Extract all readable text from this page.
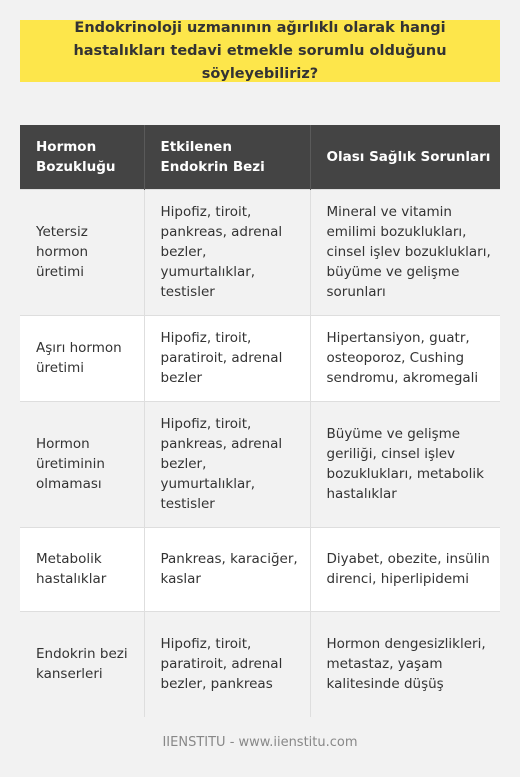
Endokrinoloji uzmanının ağırlıklı olarak hangi hastalıkları tedavi etmekle sorumlu olduğunu söyleyebiliriz?
Hormon Bozukluğu	Etkilenen Endokrin Bezi	Olası Sağlık Sorunları
Yetersiz hormon üretimi	Hipofiz, tiroit, pankreas, adrenal bezler, yumurtalıklar, testisler	Mineral ve vitamin emilimi bozuklukları, cinsel işlev bozuklukları, büyüme ve gelişme sorunları
Aşırı hormon üretimi	Hipofiz, tiroit, paratiroit, adrenal bezler	Hipertansiyon, guatr, osteoporoz, Cushing sendromu, akromegali
Hormon üretiminin olmaması	Hipofiz, tiroit, pankreas, adrenal bezler, yumurtalıklar, testisler	Büyüme ve gelişme geriliği, cinsel işlev bozuklukları, metabolik hastalıklar
Metabolik hastalıklar	Pankreas, karaciğer, kaslar	Diyabet, obezite, insülin direnci, hiperlipidemi
Endokrin bezi kanserleri	Hipofiz, tiroit, paratiroit, adrenal bezler, pankreas	Hormon dengesizlikleri, metastaz, yaşam kalitesinde düşüş
IIENSTITU - www.iienstitu.com
